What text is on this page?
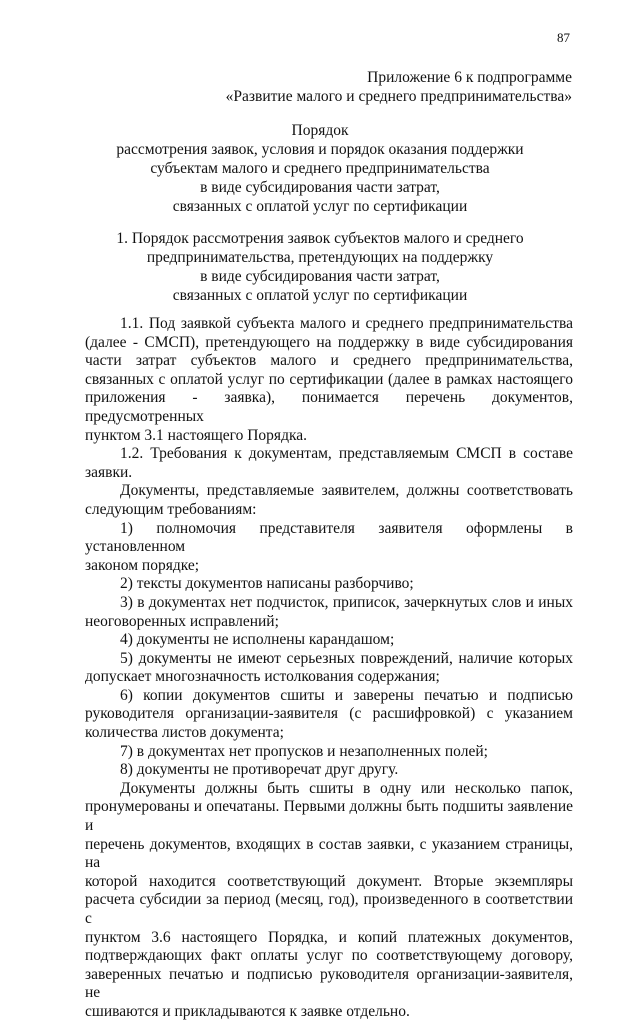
87
Приложение 6 к подпрограмме
«Развитие малого и среднего предпринимательства»
Порядок
рассмотрения заявок, условия и порядок оказания поддержки
субъектам малого и среднего предпринимательства
в виде субсидирования части затрат,
связанных с оплатой услуг по сертификации
1. Порядок рассмотрения заявок субъектов малого и среднего
предпринимательства, претендующих на поддержку
в виде субсидирования части затрат,
связанных с оплатой услуг по сертификации

1.1. Под заявкой субъекта малого и среднего предпринимательства
(далее - СМСП), претендующего на поддержку в виде субсидирования
части затрат субъектов малого и среднего предпринимательства,
связанных с оплатой услуг по сертификации (далее в рамках настоящего
приложения - заявка), понимается перечень документов, предусмотренных
пунктом 3.1 настоящего Порядка.

1.2. Требования к документам, представляемым СМСП в составе
заявки.

Документы, представляемые заявителем, должны соответствовать
следующим требованиям:

1) полномочия представителя заявителя оформлены в установленном
законом порядке;

2) тексты документов написаны разборчиво;

3) в документах нет подчисток, приписок, зачеркнутых слов и иных
неоговоренных исправлений;

4) документы не исполнены карандашом;

5) документы не имеют серьезных повреждений, наличие которых
допускает многозначность истолкования содержания;

6) копии документов сшиты и заверены печатью и подписью
руководителя организации-заявителя (с расшифровкой) с указанием
количества листов документа;

7) в документах нет пропусков и незаполненных полей;

8) документы не противоречат друг другу.

Документы должны быть сшиты в одну или несколько папок,
пронумерованы и опечатаны. Первыми должны быть подшиты заявление и
перечень документов, входящих в состав заявки, с указанием страницы, на
которой находится соответствующий документ. Вторые экземпляры
расчета субсидии за период (месяц, год), произведенного в соответствии с
пунктом 3.6 настоящего Порядка, и копий платежных документов,
подтверждающих факт оплаты услуг по соответствующему договору,
заверенных печатью и подписью руководителя организации-заявителя, не
сшиваются и прикладываются к заявке отдельно.
